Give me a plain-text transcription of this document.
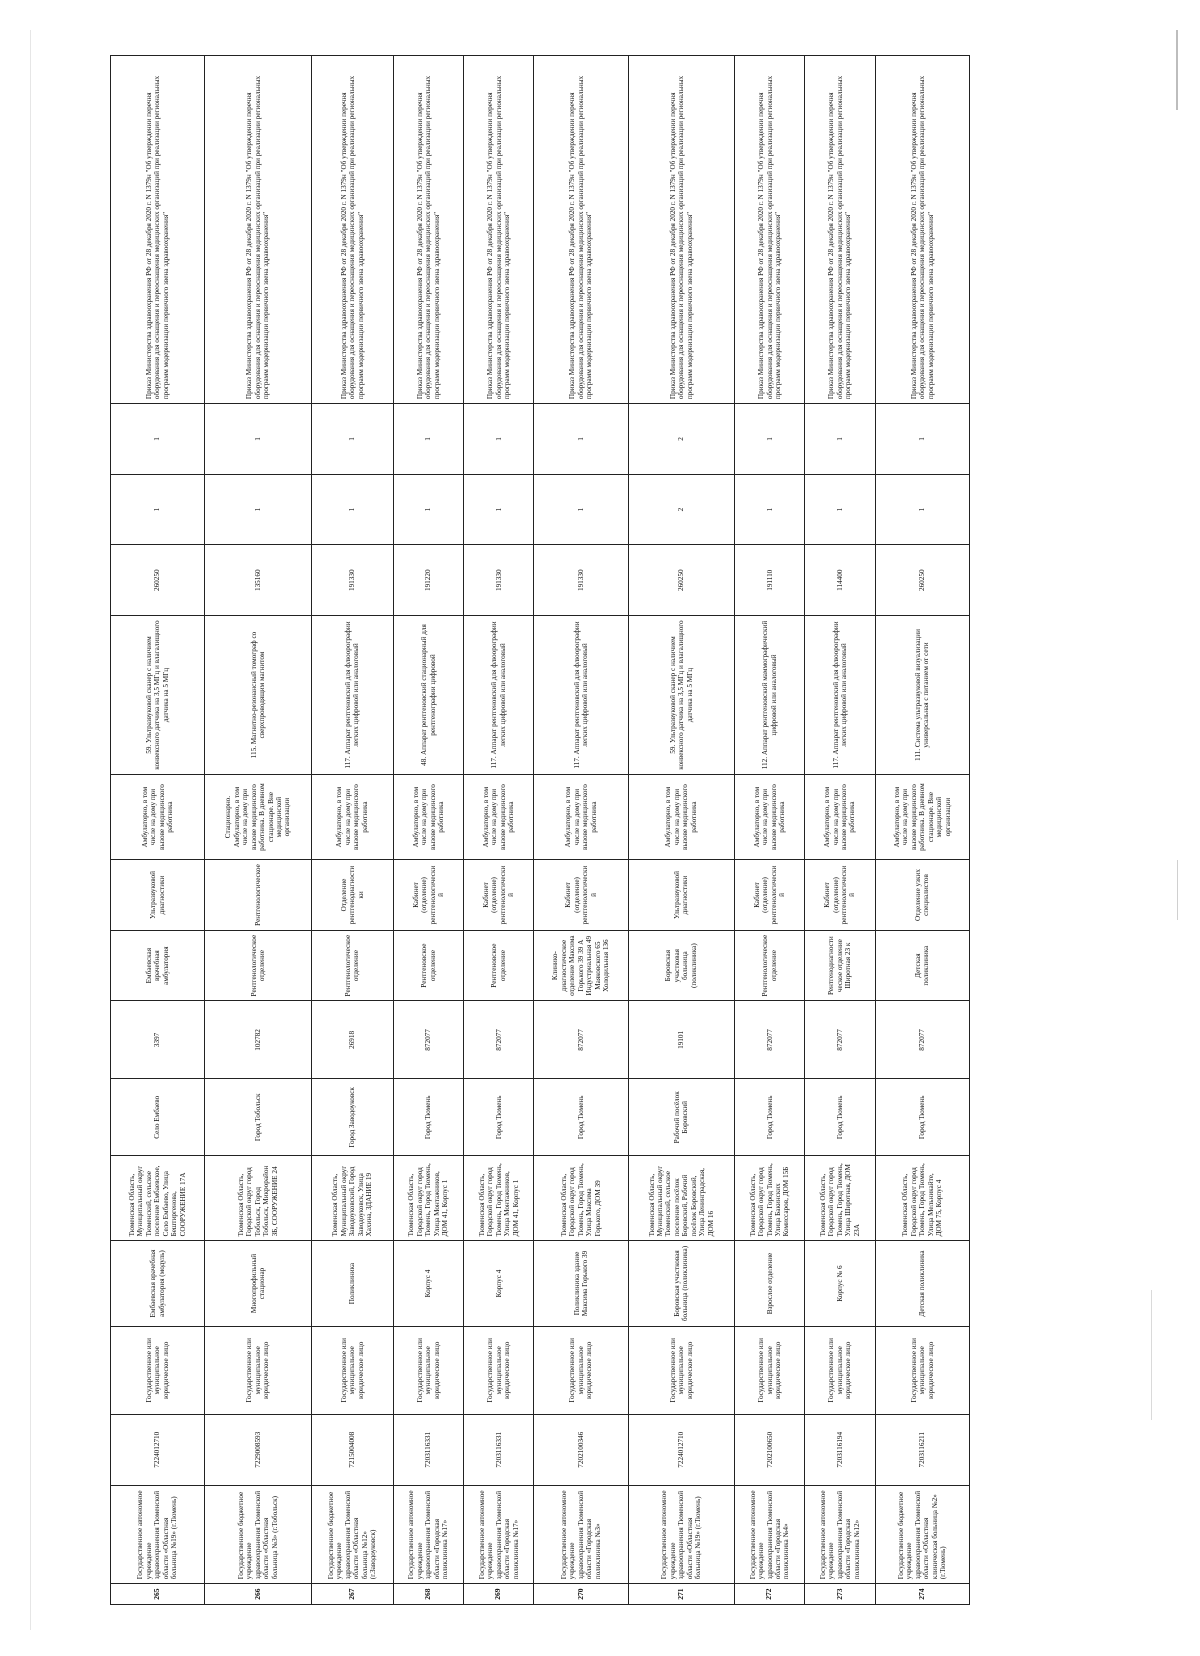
265	Государственное автономное учреждение здравоохранения Тюменской области «Областная больница №19» (г.Тюмень)	7224012710	Государственное или муниципальное юридическое лицо	Ембаевская врачебная амбулатория (модуль)	Тюменская Область, Муниципальный округ Тюменский, сельское поселение Ембаевское, Село Ембаево, Улица Бештиргенова, СООРУЖЕНИЕ 17А	Село Ембаево	3397	Ембаевская врачебная амбулатория	Ультразвуковой диагностики	Амбулаторно, в том числе на дому при вызове медицинского работника	59. Ультразвуковой сканер с наличием конвексного датчика на 3,5 МГц и влагалищного датчика на 5 МГц	260250	1	1	Приказ Министерства здравоохранения РФ от 28 декабря 2020 г. N 1379н "Об утверждении перечня оборудования для оснащения и переоснащения медицинских организаций при реализации региональных программ модернизации первичного звена здравоохранения"
266	Государственное бюджетное учреждение здравоохранения Тюменской области «Областная больница №3» (г.Тобольск)	7229008593	Государственное или муниципальное юридическое лицо	Многопрофильный стационар	Тюменская Область, Городской округ город Тобольск, Город Тобольск, Микрорайон 3Б, СООРУЖЕНИЕ 24	Город Тобольск	102782	Рентгенологическое отделение	Рентгенологическое	Стационарно. Амбулаторно, в том числе на дому при вызове медицинского работника. В дневном стационаре. Вне медицинской организации	115. Магнитно-резонансный томограф со сверхпроводящим магнитом	135160	1	1	Приказ Министерства здравоохранения РФ от 28 декабря 2020 г. N 1379н "Об утверждении перечня оборудования для оснащения и переоснащения медицинских организаций при реализации региональных программ модернизации первичного звена здравоохранения"
267	Государственное бюджетное учреждение здравоохранения Тюменской области «Областная больница №12» (г.Заводоуковск)	7215004008	Государственное или муниципальное юридическое лицо	Поликлиника	Тюменская Область, Муниципальный округ Заводоуковский, Город Заводоуковск, Улица Хахина, ЗДАНИЕ 19	Город Заводоуковск	26918	Рентгенологическое отделение	Отделение рентгенодиагностики	Амбулаторно, в том числе на дому при вызове медицинского работника	117. Аппарат рентгеновский для флюорографии легких цифровой или аналоговый	191330	1	1	Приказ Министерства здравоохранения РФ от 28 декабря 2020 г. N 1379н "Об утверждении перечня оборудования для оснащения и переоснащения медицинских организаций при реализации региональных программ модернизации первичного звена здравоохранения"
268	Государственное автономное учреждение здравоохранения Тюменской области «Городская поликлиника №17»	7203116331	Государственное или муниципальное юридическое лицо	Корпус 4	Тюменская Область, Городской округ город Тюмень, Город Тюмень, Улица Монтажников, ДОМ 41, Корпус 1	Город Тюмень	872077	Рентгеновское отделение	Кабинет (отделение) рентгенологический	Амбулаторно, в том числе на дому при вызове медицинского работника	48. Аппарат рентгеновский стационарный для рентгенографии цифровой	191220	1	1	Приказ Министерства здравоохранения РФ от 28 декабря 2020 г. N 1379н "Об утверждении перечня оборудования для оснащения и переоснащения медицинских организаций при реализации региональных программ модернизации первичного звена здравоохранения"
269	Государственное автономное учреждение здравоохранения Тюменской области «Городская поликлиника №17»	7203116331	Государственное или муниципальное юридическое лицо	Корпус 4	Тюменская Область, Городской округ город Тюмень, Город Тюмень, Улица Монтажников, ДОМ 41, Корпус 1	Город Тюмень	872077	Рентгеновское отделение	Кабинет (отделение) рентгенологический	Амбулаторно, в том числе на дому при вызове медицинского работника	117. Аппарат рентгеновский для флюорографии легких цифровой или аналоговый	191330	1	1	Приказ Министерства здравоохранения РФ от 28 декабря 2020 г. N 1379н "Об утверждении перечня оборудования для оснащения и переоснащения медицинских организаций при реализации региональных программ модернизации первичного звена здравоохранения"
270	Государственное автономное учреждение здравоохранения Тюменской области «Городская поликлиника №3»	7202100346	Государственное или муниципальное юридическое лицо	Поликлиника здание Максима Горького 39	Тюменская Область, Городской округ город Тюмень, Город Тюмень, Улица Максима Горького, ДОМ 39	Город Тюмень	872077	Клинико-диагностическое отделение Максима Горького 39 39 А Индустриальная 49 Маяковского 65 Холодильная 136	Кабинет (отделение) рентгенологический	Амбулаторно, в том числе на дому при вызове медицинского работника	117. Аппарат рентгеновский для флюорографии легких цифровой или аналоговый	191330	1	1	Приказ Министерства здравоохранения РФ от 28 декабря 2020 г. N 1379н "Об утверждении перечня оборудования для оснащения и переоснащения медицинских организаций при реализации региональных программ модернизации первичного звена здравоохранения"
271	Государственное автономное учреждение здравоохранения Тюменской области «Областная больница №19» (г.Тюмень)	7224012710	Государственное или муниципальное юридическое лицо	Боровская участковая больница (поликлиника)	Тюменская Область, Муниципальный округ Тюменский, сельское поселение посёлок Боровский, Рабочий посёлок Боровский, Улица Ленинградская, ДОМ 16	Рабочий посёлок Боровский	19101	Боровская участковая больница (поликлиника)	Ультразвуковой диагностики	Амбулаторно, в том числе на дому при вызове медицинского работника	59. Ультразвуковой сканер с наличием конвексного датчика на 3,5 МГц и влагалищного датчика на 5 МГц	260250	2	2	Приказ Министерства здравоохранения РФ от 28 декабря 2020 г. N 1379н "Об утверждении перечня оборудования для оснащения и переоснащения медицинских организаций при реализации региональных программ модернизации первичного звена здравоохранения"
272	Государственное автономное учреждение здравоохранения Тюменской области «Городская поликлиника №4»	7202100650	Государственное или муниципальное юридическое лицо	Взрослое отделение	Тюменская Область, Городской округ город Тюмень, Город Тюмень, Улица Бакинских Комиссаров, ДОМ 15Б	Город Тюмень	872077	Рентгенологическое отделение	Кабинет (отделение) рентгенологический	Амбулаторно, в том числе на дому при вызове медицинского работника	112. Аппарат рентгеновский маммографический цифровой или аналоговый	191110	1	1	Приказ Министерства здравоохранения РФ от 28 декабря 2020 г. N 1379н "Об утверждении перечня оборудования для оснащения и переоснащения медицинских организаций при реализации региональных программ модернизации первичного звена здравоохранения"
273	Государственное автономное учреждение здравоохранения Тюменской области «Городская поликлиника №12»	7203116194	Государственное или муниципальное юридическое лицо	Корпус № 6	Тюменская Область, Городской округ город Тюмень, Город Тюмень, Улица Широтная, ДОМ 23А	Город Тюмень	872077	Рентгенодиагностическое отделение Широтная 23 к	Кабинет (отделение) рентгенологический	Амбулаторно, в том числе на дому при вызове медицинского работника	117. Аппарат рентгеновский для флюорографии легких цифровой или аналоговый	114400	1	1	Приказ Министерства здравоохранения РФ от 28 декабря 2020 г. N 1379н "Об утверждении перечня оборудования для оснащения и переоснащения медицинских организаций при реализации региональных программ модернизации первичного звена здравоохранения"
274	Государственное бюджетное учреждение здравоохранения Тюменской области «Областная клиническая больница №2» (г.Тюмень)	7203116211	Государственное или муниципальное юридическое лицо	Детская поликлиника	Тюменская Область, Городской округ город Тюмень, Город Тюмень, Улица Мельникайте, ДОМ 75, Корпус 4	Город Тюмень	872077	Детская поликлиника	Отделение узких специалистов	Амбулаторно, в том числе на дому при вызове медицинского работника. В дневном стационаре. Вне медицинской организации	111. Система ультразвуковой визуализации универсальная с питанием от сети	260250	1	1	Приказ Министерства здравоохранения РФ от 28 декабря 2020 г. N 1379н "Об утверждении перечня оборудования для оснащения и переоснащения медицинских организаций при реализации региональных программ модернизации первичного звена здравоохранения"
